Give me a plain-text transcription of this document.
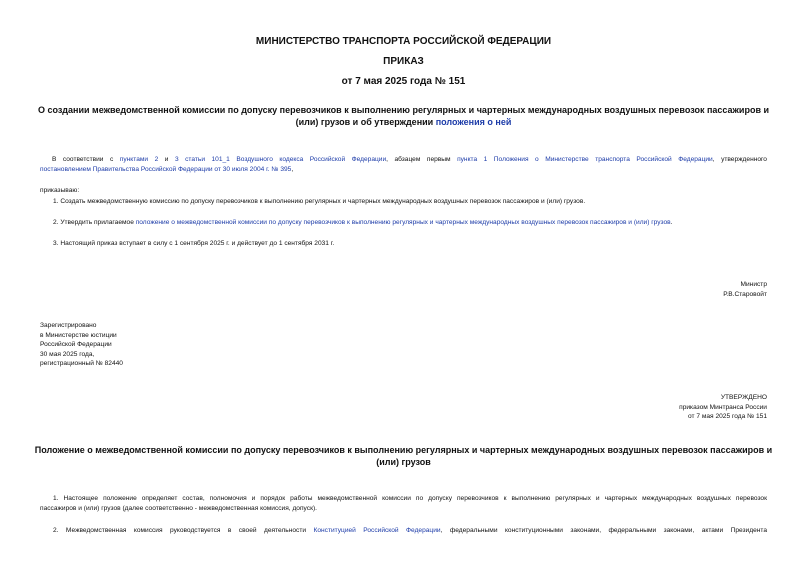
МИНИСТЕРСТВО ТРАНСПОРТА РОССИЙСКОЙ ФЕДЕРАЦИИ
ПРИКАЗ
от 7 мая 2025 года № 151
О создании межведомственной комиссии по допуску перевозчиков к выполнению регулярных и чартерных международных воздушных перевозок пассажиров и
(или) грузов и об утверждении положения о ней
В соответствии с пунктами 2 и 3 статьи 101_1 Воздушного кодекса Российской Федерации, абзацем первым пункта 1 Положения о Министерстве транспорта Российской Федерации, утвержденного
постановлением Правительства Российской Федерации от 30 июля 2004 г. № 395,
приказываю:
1. Создать межведомственную комиссию по допуску перевозчиков к выполнению регулярных и чартерных международных воздушных перевозок пассажиров и (или) грузов.
2. Утвердить прилагаемое положение о межведомственной комиссии по допуску перевозчиков к выполнению регулярных и чартерных международных воздушных перевозок пассажиров и (или) грузов.
3. Настоящий приказ вступает в силу с 1 сентября 2025 г. и действует до 1 сентября 2031 г.
Министр
Р.В.Старовойт
Зарегистрировано
в Министерстве юстиции
Российской Федерации
30 мая 2025 года,
регистрационный № 82440
УТВЕРЖДЕНО
приказом Минтранса России
от 7 мая 2025 года № 151
Положение о межведомственной комиссии по допуску перевозчиков к выполнению регулярных и чартерных международных воздушных перевозок пассажиров и
(или) грузов
1. Настоящее положение определяет состав, полномочия и порядок работы межведомственной комиссии по допуску перевозчиков к выполнению регулярных и чартерных международных воздушных перевозок
пассажиров и (или) грузов (далее соответственно - межведомственная комиссия, допуск).
2. Межведомственная комиссия руководствуется в своей деятельности Конституцией Российской Федерации, федеральными конституционными законами, федеральными законами, актами Президента
